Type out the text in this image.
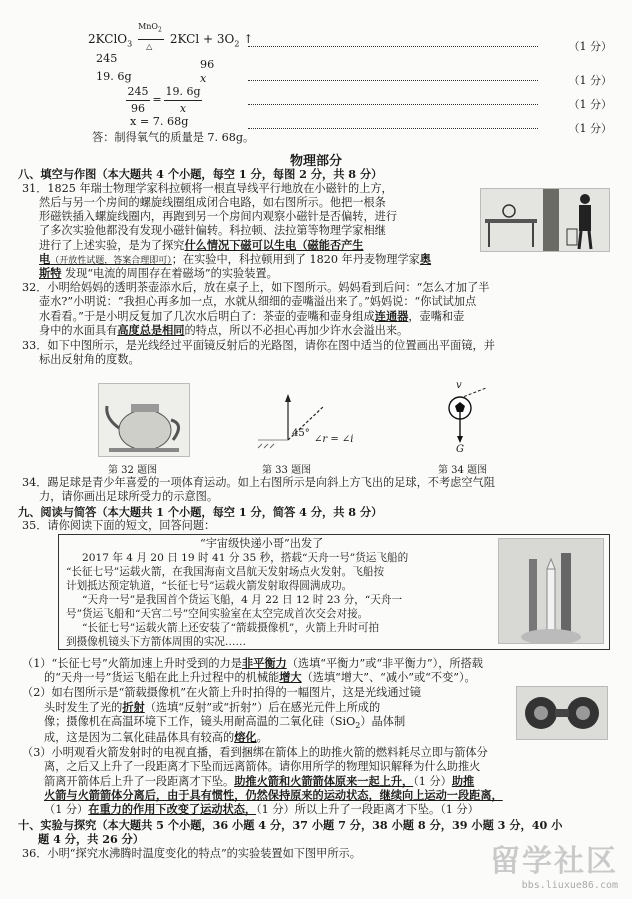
2KClO$_3$
MnO$_2$
△
$2KCl + 3O_2$ ↑
（1 分）
245	96
19. 6g	x	（1 分）
245
96
=
19. 6g
x	（1 分）
x = 7. 68g
（1 分）
答：制得氧气的质量是 7. 68g。
物理部分
八、填空与作图（本大题共 4 个小题，每空 1 分，每图 2 分，共 8 分）
31．1825 年瑞士物理学家科拉顿将一根直导线平行地放在小磁针的上方，
然后与另一个房间的螺旋线圈组成闭合电路，如右图所示。他把一根条
形磁铁插入螺旋线圈内，再跑到另一个房间内观察小磁针是否偏转，进行
了多次实验他都没有发现小磁针偏转。科拉顿、法拉第等物理学家相继
进行了上述实验，是为了探究什么情况下磁可以生电（磁能否产生
电（开放性试题，答案合理即可）；在实验中，科拉顿用到了 1820 年丹麦物理学家奥
斯特 发现“电流的周围存在着磁场”的实验装置。
32．小明给妈妈的透明茶壶添水后，放在桌子上，如下图所示。妈妈看到后问：“怎么才加了半
壶水?”小明说：“我担心再多加一点，水就从细细的壶嘴溢出来了。”妈妈说：“你试试加点
水看看。”于是小明反复加了几次水后明白了：茶壶的壶嘴和壶身组成连通器，壶嘴和壶
身中的水面具有高度总是相同的特点，所以不必担心再加少许水会溢出来。
33．如下中图所示，是光线经过平面镜反射后的光路图，请你在图中适当的位置画出平面镜，并
标出反射角的度数。
第 32 题图
45°
∠r = ∠i
第 33 题图
v
G
第 34 题图
34．踢足球是青少年喜爱的一项体育运动。如上右图所示是向斜上方飞出的足球，不考虑空气阻
力，请你画出足球所受力的示意图。
九、阅读与简答（本大题共 1 个小题，每空 1 分，简答 4 分，共 8 分）
35．请你阅读下面的短文，回答问题：
“宇宙级快递小哥”出发了
2017 年 4 月 20 日 19 时 41 分 35 秒，搭载“天舟一号”货运飞船的
“长征七号”运载火箭，在我国海南文昌航天发射场点火发射。飞船按
计划抵达预定轨道，“长征七号”运载火箭发射取得圆满成功。
“天舟一号”是我国首个货运飞船，4 月 22 日 12 时 23 分，“天舟一
号”货运飞船和“天宫二号”空间实验室在太空完成首次交会对接。
“长征七号”运载火箭上还安装了“箭载摄像机”，火箭上升时可拍
到摄像机镜头下方箭体周围的实况……
（1）“长征七号”火箭加速上升时受到的力是非平衡力（选填“平衡力”或“非平衡力”），所搭载
的“天舟一号”货运飞船在此上升过程中的机械能增大（选填“增大”、“减小”或“不变”）。
（2）如右图所示是“箭载摄像机”在火箭上升时拍得的一幅图片，这是光线通过镜
头时发生了光的折射（选填“反射”或“折射”）后在感光元件上所成的
像；摄像机在高温环境下工作，镜头用耐高温的二氧化硅（SiO$_2$）晶体制
成，这是因为二氧化硅晶体具有较高的熔化。
（3）小明观看火箭发射时的电视直播，看到捆绑在箭体上的助推火箭的燃料耗尽立即与箭体分
离，之后又上升了一段距离才下坠而远离箭体。请你用所学的物理知识解释为什么助推火
箭离开箭体后上升了一段距离才下坠。助推火箭和火箭箭体原来一起上升，（1 分）助推
火箭与火箭箭体分离后，由于具有惯性，仍然保持原来的运动状态，继续向上运动一段距离，
（1 分）在重力的作用下改变了运动状态，（1 分）所以上升了一段距离才下坠。（1 分）
十、实验与探究（本大题共 5 个小题，36 小题 4 分，37 小题 7 分，38 小题 8 分，39 小题 3 分，40 小
题 4 分，共 26 分）
36．小明“探究水沸腾时温度变化的特点”的实验装置如下图甲所示。	留学社区
bbs.liuxue86.com
